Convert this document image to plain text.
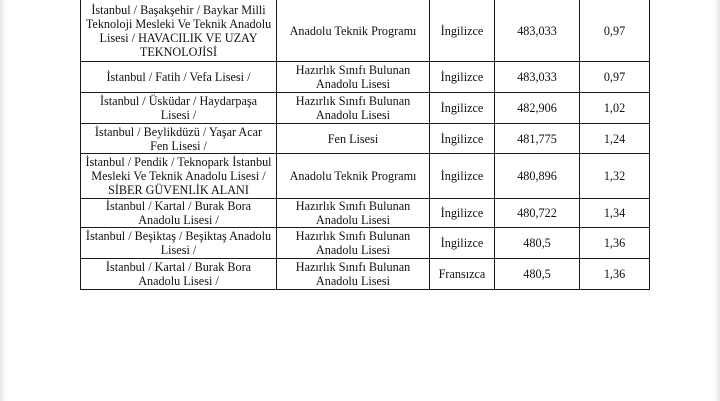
İstanbul / Başakşehir / Baykar Milli Teknoloji Mesleki Ve Teknik Anadolu Lisesi / HAVACILIK VE UZAY TEKNOLOJİSİ	Anadolu Teknik Programı	İngilizce	483,033	0,97
İstanbul / Fatih / Vefa Lisesi /	Hazırlık Sınıfı Bulunan Anadolu Lisesi	İngilizce	483,033	0,97
İstanbul / Üsküdar / Haydarpaşa Lisesi /	Hazırlık Sınıfı Bulunan Anadolu Lisesi	İngilizce	482,906	1,02
İstanbul / Beylikdüzü / Yaşar Acar Fen Lisesi /	Fen Lisesi	İngilizce	481,775	1,24
İstanbul / Pendik / Teknopark İstanbul Mesleki Ve Teknik Anadolu Lisesi / SİBER GÜVENLİK ALANI	Anadolu Teknik Programı	İngilizce	480,896	1,32
İstanbul / Kartal / Burak Bora Anadolu Lisesi /	Hazırlık Sınıfı Bulunan Anadolu Lisesi	İngilizce	480,722	1,34
İstanbul / Beşiktaş / Beşiktaş Anadolu Lisesi /	Hazırlık Sınıfı Bulunan Anadolu Lisesi	İngilizce	480,5	1,36
İstanbul / Kartal / Burak Bora Anadolu Lisesi /	Hazırlık Sınıfı Bulunan Anadolu Lisesi	Fransızca	480,5	1,36
